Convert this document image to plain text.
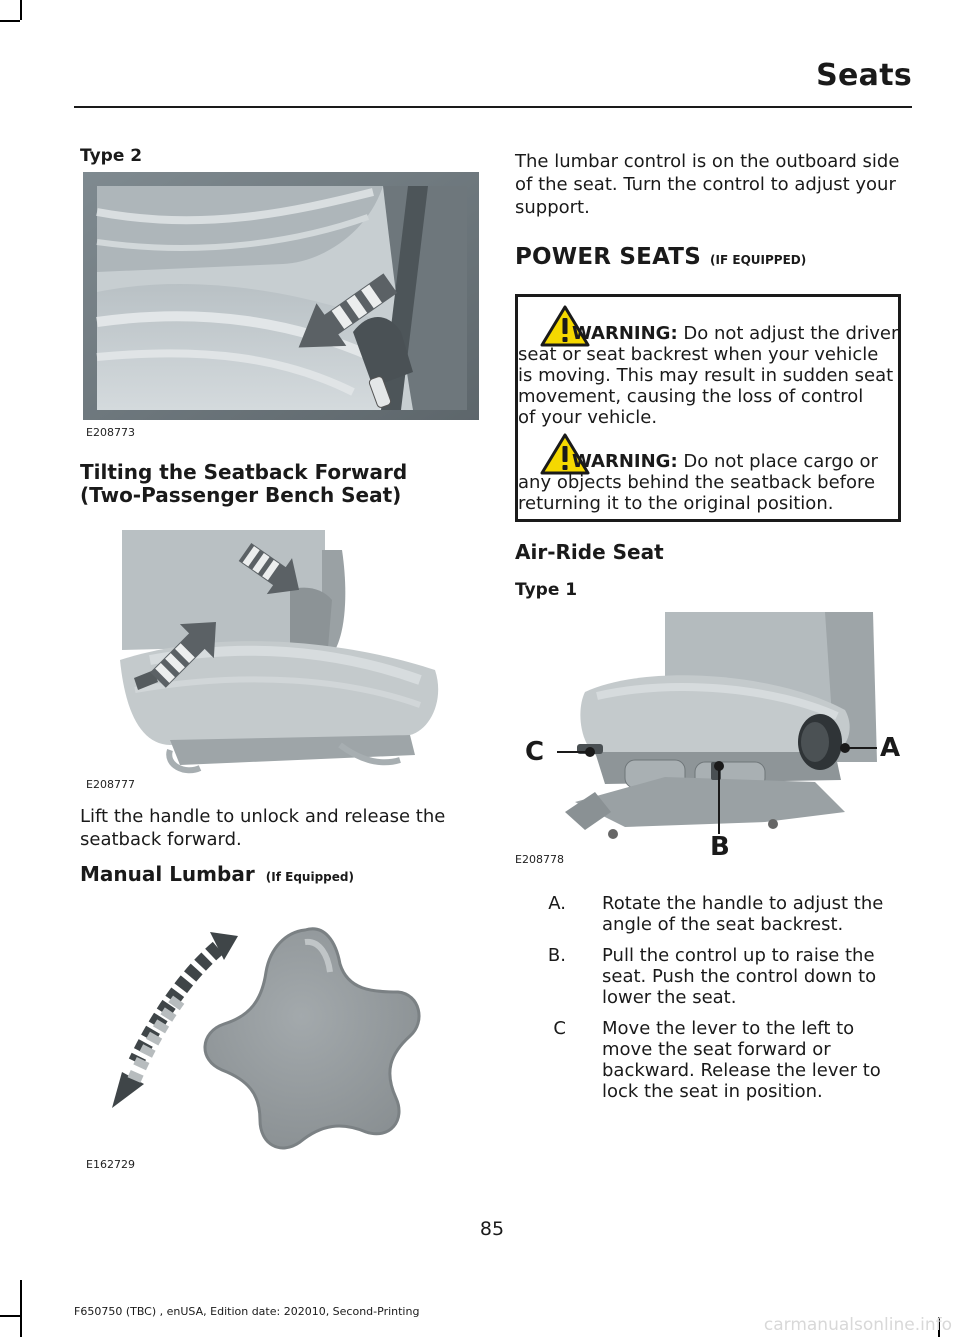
Seats
Type 2
E208773
Tilting the Seatback Forward
(Two-Passenger Bench Seat)
E208777
Lift the handle to unlock and release the
seatback forward.
Manual Lumbar (If Equipped)
E162729
The lumbar control is on the outboard side
of the seat. Turn the control to adjust your
support.
POWER SEATS (IF EQUIPPED)
WARNING: Do not adjust the driver
seat or seat backrest when your vehicle
is moving. This may result in sudden seat
movement, causing the loss of control
of your vehicle.
WARNING: Do not place cargo or
any objects behind the seatback before
returning it to the original position.
Air-Ride Seat
Type 1
C	A
B
E208778
A. Rotate the handle to adjust the
angle of the seat backrest.
B. Pull the control up to raise the
seat. Push the control down to
lower the seat.
C Move the lever to the left to
move the seat forward or
backward. Release the lever to
lock the seat in position.
85
F650750 (TBC) , enUSA, Edition date: 202010, Second-Printing
carmanualsonline.info
